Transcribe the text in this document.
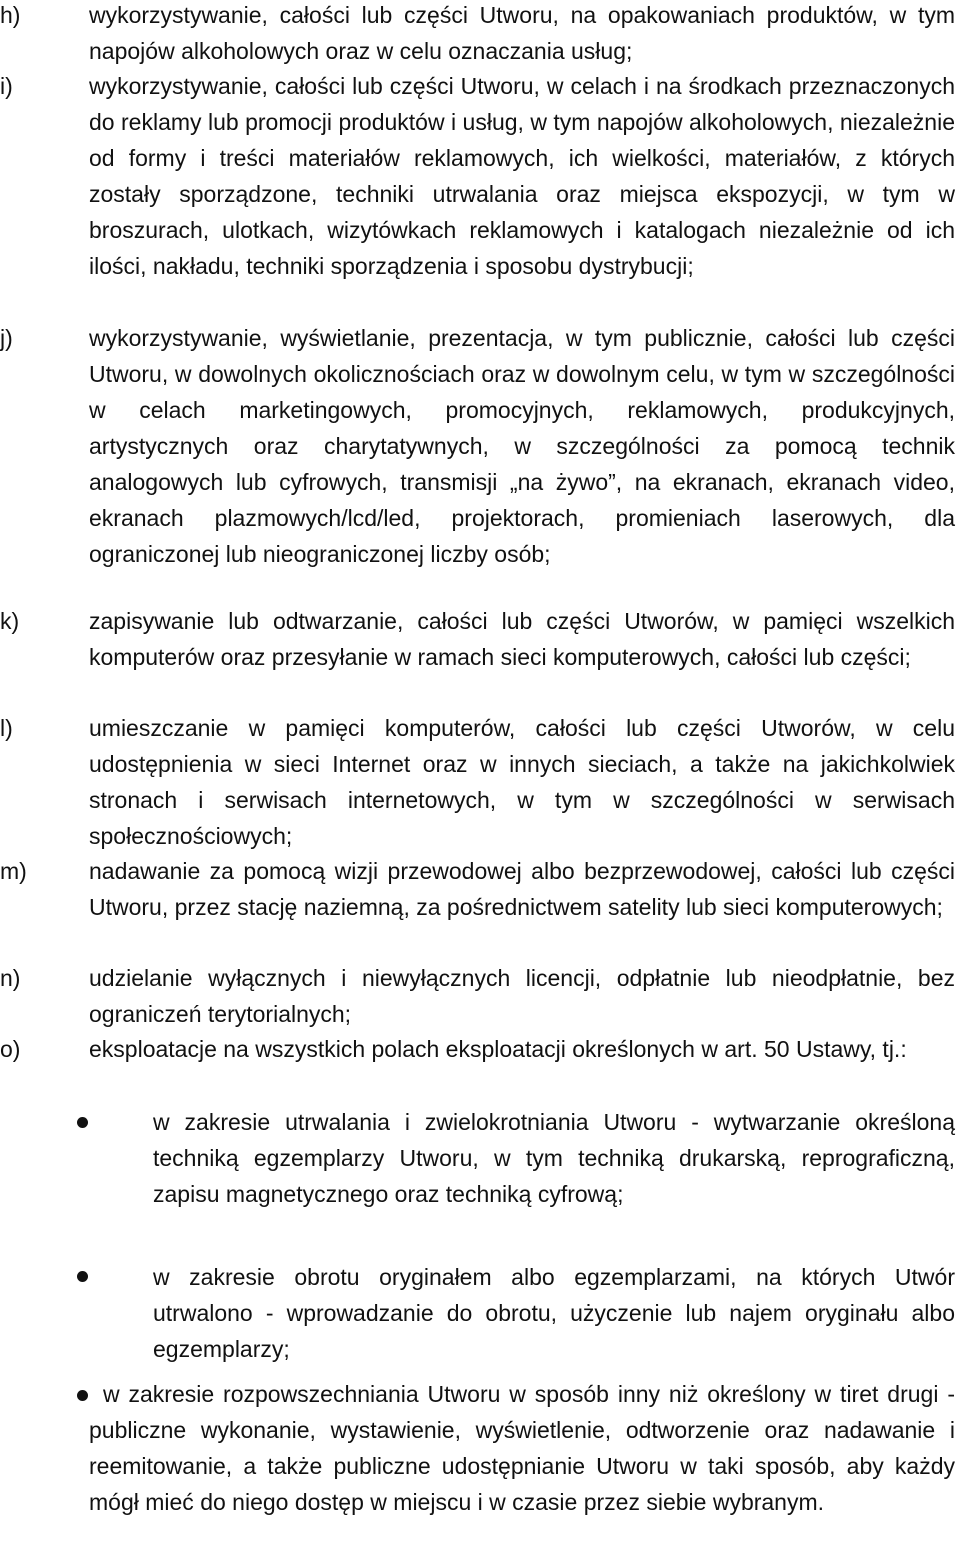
h)	wykorzystywanie, całości lub części Utworu, na opakowaniach produktów, w tym napojów alkoholowych oraz w celu oznaczania usług;
i)	wykorzystywanie, całości lub części Utworu, w celach i na środkach przeznaczonych do reklamy lub promocji produktów i usług, w tym napojów alkoholowych, niezależnie od formy i treści materiałów reklamowych, ich wielkości, materiałów, z których zostały sporządzone, techniki utrwalania oraz miejsca ekspozycji, w tym w broszurach, ulotkach, wizytówkach reklamowych i katalogach niezależnie od ich ilości, nakładu, techniki sporządzenia i sposobu dystrybucji;
j)	wykorzystywanie, wyświetlanie, prezentacja, w tym publicznie, całości lub części Utworu, w dowolnych okolicznościach oraz w dowolnym celu, w tym w szczególności w celach marketingowych, promocyjnych, reklamowych, produkcyjnych, artystycznych oraz charytatywnych, w szczególności za pomocą technik analogowych lub cyfrowych, transmisji „na żywo”, na ekranach, ekranach video, ekranach plazmowych/lcd/led, projektorach, promieniach laserowych, dla ograniczonej lub nieograniczonej liczby osób;
k)	zapisywanie lub odtwarzanie, całości lub części Utworów, w pamięci wszelkich komputerów oraz przesyłanie w ramach sieci komputerowych, całości lub części;
l)	umieszczanie w pamięci komputerów, całości lub części Utworów, w celu udostępnienia w sieci Internet oraz w innych sieciach, a także na jakichkolwiek stronach i serwisach internetowych, w tym w szczególności w serwisach społecznościowych;
m)	nadawanie za pomocą wizji przewodowej albo bezprzewodowej, całości lub części Utworu, przez stację naziemną, za pośrednictwem satelity lub sieci komputerowych;
n)	udzielanie wyłącznych i niewyłącznych licencji, odpłatnie lub nieodpłatnie, bez ograniczeń terytorialnych;
o)	eksploatacje na wszystkich polach eksploatacji określonych w art. 50 Ustawy, tj.:
w zakresie utrwalania i zwielokrotniania Utworu - wytwarzanie określoną techniką egzemplarzy Utworu, w tym techniką drukarską, reprograficzną, zapisu magnetycznego oraz techniką cyfrową;
w zakresie obrotu oryginałem albo egzemplarzami, na których Utwór utrwalono - wprowadzanie do obrotu, użyczenie lub najem oryginału albo egzemplarzy;
w zakresie rozpowszechniania Utworu w sposób inny niż określony w tiret drugi - publiczne wykonanie, wystawienie, wyświetlenie, odtworzenie oraz nadawanie i reemitowanie, a także publiczne udostępnianie Utworu w taki sposób, aby każdy mógł mieć do niego dostęp w miejscu i w czasie przez siebie wybranym.
